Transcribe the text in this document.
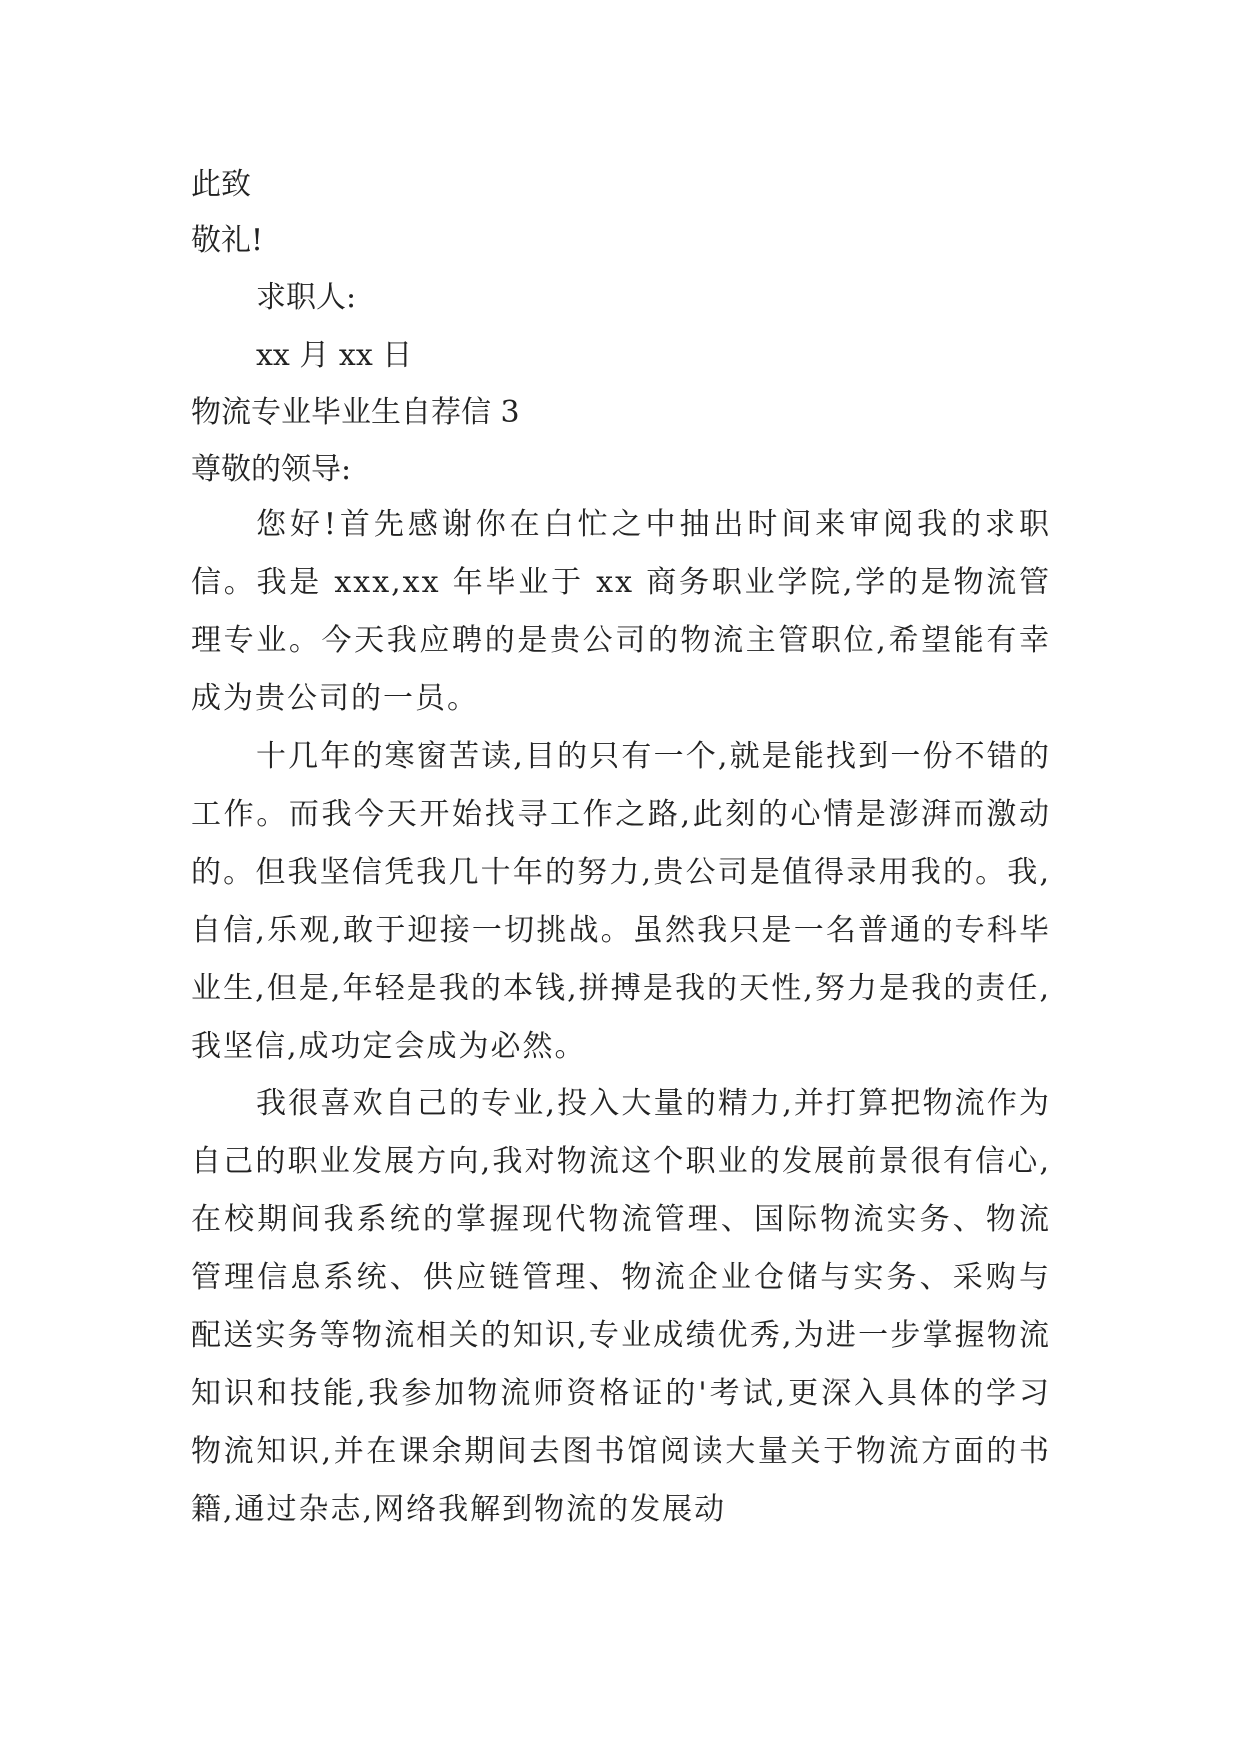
此致
敬礼!
求职人:
xx 月 xx 日
物流专业毕业生自荐信 3
尊敬的领导:
您好!首先感谢你在白忙之中抽出时间来审阅我的求职信。我是 xxx,xx 年毕业于 xx 商务职业学院,学的是物流管理专业。今天我应聘的是贵公司的物流主管职位,希望能有幸成为贵公司的一员。
十几年的寒窗苦读,目的只有一个,就是能找到一份不错的工作。而我今天开始找寻工作之路,此刻的心情是澎湃而激动的。但我坚信凭我几十年的努力,贵公司是值得录用我的。我,自信,乐观,敢于迎接一切挑战。虽然我只是一名普通的专科毕业生,但是,年轻是我的本钱,拼搏是我的天性,努力是我的责任,我坚信,成功定会成为必然。
我很喜欢自己的专业,投入大量的精力,并打算把物流作为自己的职业发展方向,我对物流这个职业的发展前景很有信心,在校期间我系统的掌握现代物流管理、国际物流实务、物流管理信息系统、供应链管理、物流企业仓储与实务、采购与配送实务等物流相关的知识,专业成绩优秀,为进一步掌握物流知识和技能,我参加物流师资格证的'考试,更深入具体的学习物流知识,并在课余期间去图书馆阅读大量关于物流方面的书籍,通过杂志,网络我解到物流的发展动
